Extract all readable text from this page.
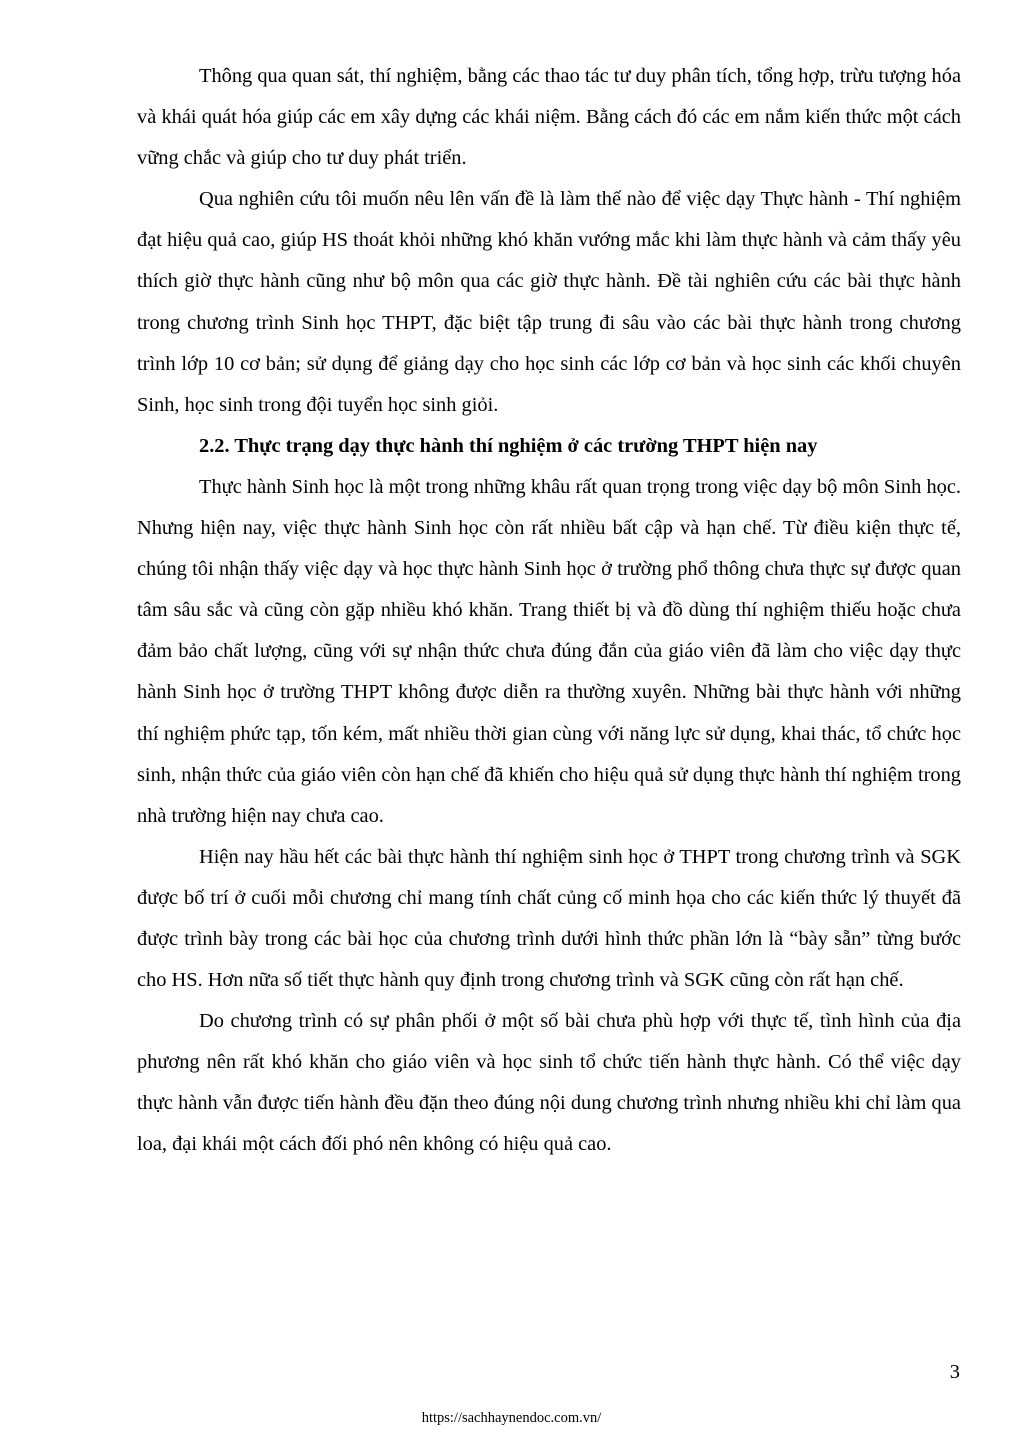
Thông qua quan sát, thí nghiệm, bằng các thao tác tư duy phân tích, tổng hợp, trừu tượng hóa và khái quát hóa giúp các em xây dựng các khái niệm. Bằng cách đó các em nắm kiến thức một cách vững chắc và giúp cho tư duy phát triển.

Qua nghiên cứu tôi muốn nêu lên vấn đề là làm thế nào để việc dạy Thực hành - Thí nghiệm đạt hiệu quả cao, giúp HS thoát khỏi những khó khăn vướng mắc khi làm thực hành và cảm thấy yêu thích giờ thực hành cũng như bộ môn qua các giờ thực hành. Đề tài nghiên cứu các bài thực hành trong chương trình Sinh học THPT, đặc biệt tập trung đi sâu vào các bài thực hành trong chương trình lớp 10 cơ bản; sử dụng để giảng dạy cho học sinh các lớp cơ bản và học sinh các khối chuyên Sinh, học sinh trong đội tuyển học sinh giỏi.

2.2. Thực trạng dạy thực hành thí nghiệm ở các trường THPT hiện nay

Thực hành Sinh học là một trong những khâu rất quan trọng trong việc dạy bộ môn Sinh học. Nhưng hiện nay, việc thực hành Sinh học còn rất nhiều bất cập và hạn chế. Từ điều kiện thực tế, chúng tôi nhận thấy việc dạy và học thực hành Sinh học ở trường phổ thông chưa thực sự được quan tâm sâu sắc và cũng còn gặp nhiều khó khăn. Trang thiết bị và đồ dùng thí nghiệm thiếu hoặc chưa đảm bảo chất lượng, cũng với sự nhận thức chưa đúng đắn của giáo viên đã làm cho việc dạy thực hành Sinh học ở trường THPT không được diễn ra thường xuyên. Những bài thực hành với những thí nghiệm phức tạp, tốn kém, mất nhiều thời gian cùng với năng lực sử dụng, khai thác, tổ chức học sinh, nhận thức của giáo viên còn hạn chế đã khiến cho hiệu quả sử dụng thực hành thí nghiệm trong nhà trường hiện nay chưa cao.

Hiện nay hầu hết các bài thực hành thí nghiệm sinh học ở THPT trong chương trình và SGK được bố trí ở cuối mỗi chương chỉ mang tính chất củng cố minh họa cho các kiến thức lý thuyết đã được trình bày trong các bài học của chương trình dưới hình thức phần lớn là “bày sẵn” từng bước cho HS. Hơn nữa số tiết thực hành quy định trong chương trình và SGK cũng còn rất hạn chế.

Do chương trình có sự phân phối ở một số bài chưa phù hợp với thực tế, tình hình của địa phương nên rất khó khăn cho giáo viên và học sinh tổ chức tiến hành thực hành. Có thể việc dạy thực hành vẫn được tiến hành đều đặn theo đúng nội dung chương trình nhưng nhiều khi chỉ làm qua loa, đại khái một cách đối phó nên không có hiệu quả cao.

3
https://sachhaynendoc.com.vn/
